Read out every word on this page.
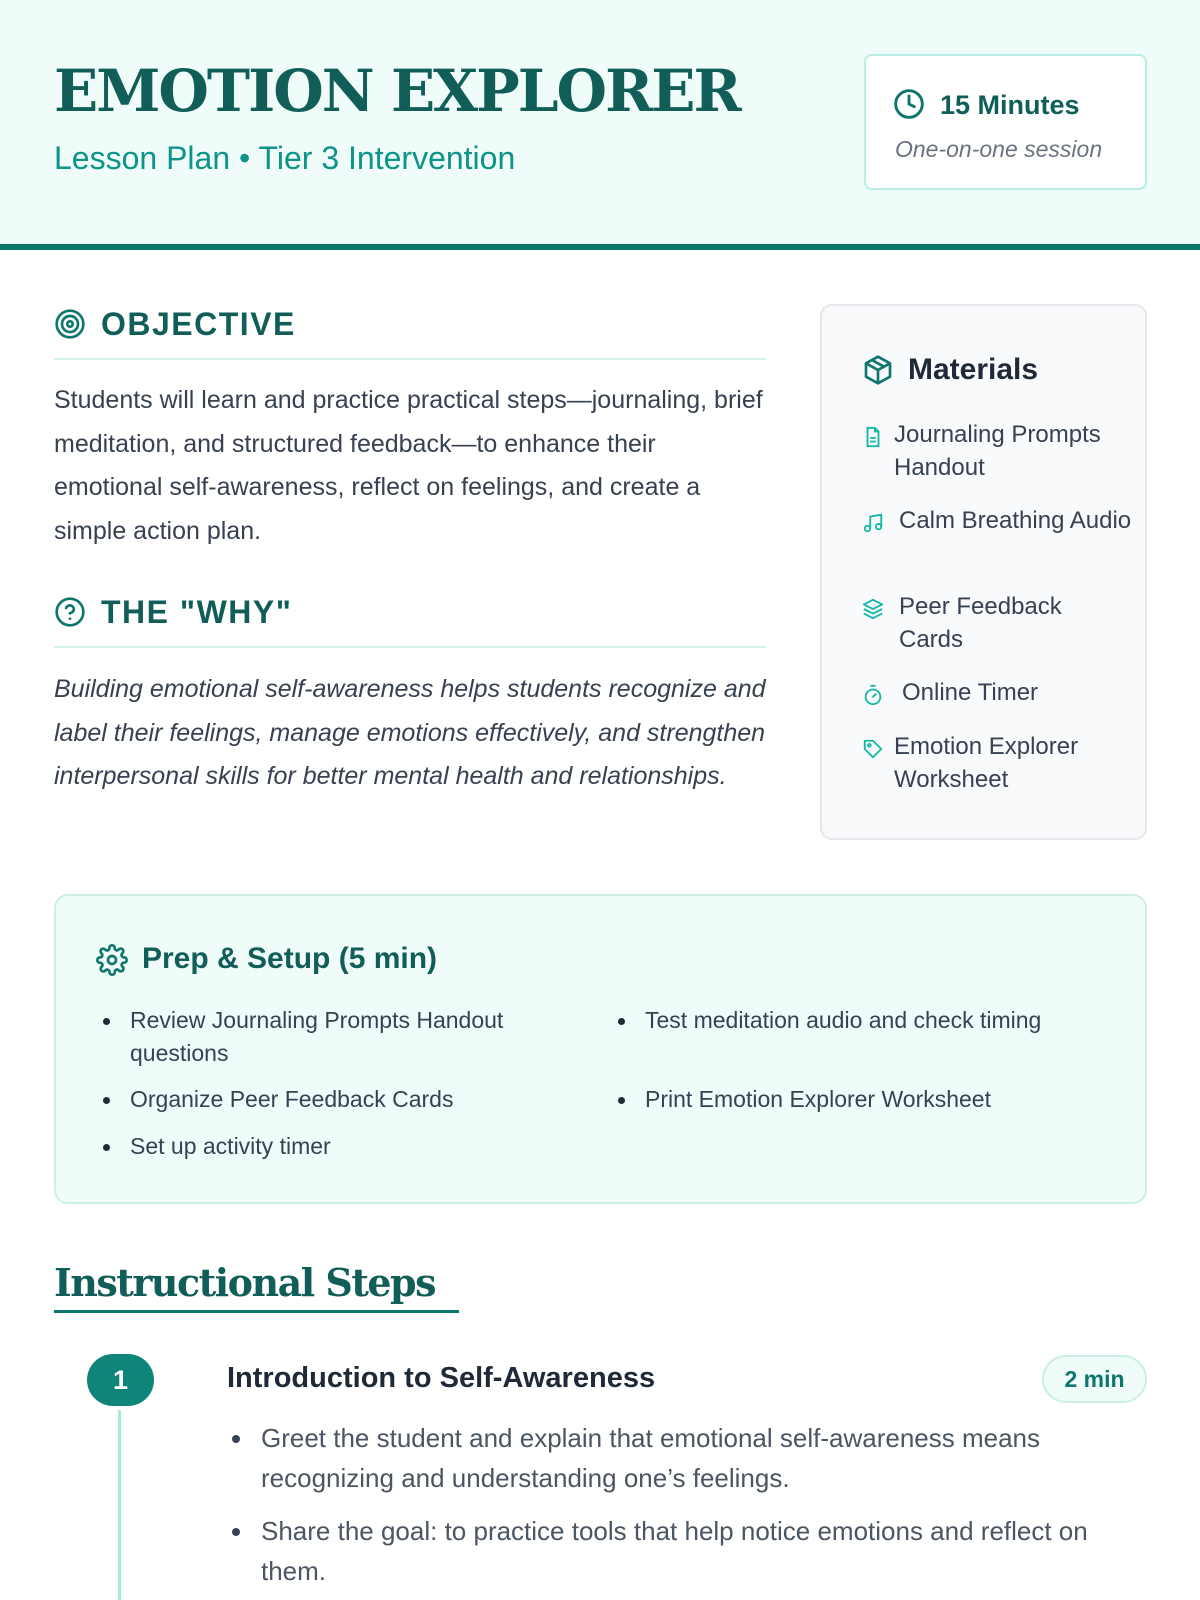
EMOTION EXPLORER
Lesson Plan • Tier 3 Intervention
15 Minutes
One-on-one session
OBJECTIVE
Students will learn and practice practical steps—journaling, brief meditation, and structured feedback—to enhance their emotional self-awareness, reflect on feelings, and create a simple action plan.
THE "WHY"
Building emotional self-awareness helps students recognize and label their feelings, manage emotions effectively, and strengthen interpersonal skills for better mental health and relationships.
Materials
Journaling Prompts Handout
Calm Breathing Audio
Peer Feedback Cards
Online Timer
Emotion Explorer Worksheet
Prep & Setup (5 min)
Review Journaling Prompts Handout questions
Test meditation audio and check timing
Organize Peer Feedback Cards	Print Emotion Explorer Worksheet
Set up activity timer
Instructional Steps
1	Introduction to Self-Awareness	2 min
Greet the student and explain that emotional self-awareness means recognizing and understanding one’s feelings.
Share the goal: to practice tools that help notice emotions and reflect on them.
